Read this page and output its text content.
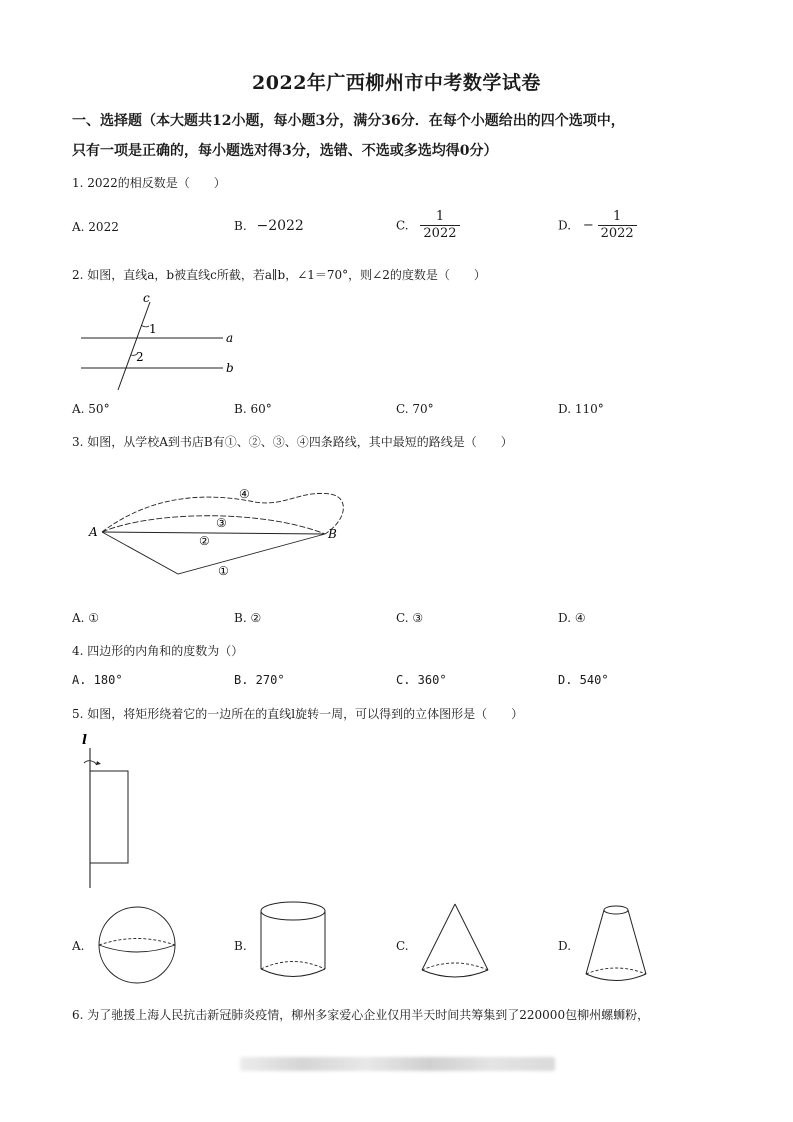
2022年广西柳州市中考数学试卷
一、选择题（本大题共12小题，每小题3分，满分36分．在每个小题给出的四个选项中，
只有一项是正确的，每小题选对得3分，选错、不选或多选均得0分）
1. 2022的相反数是（　　）
A. 2022	B. −2022	C. $\frac{1}{2022}$	D. − $\frac{1}{2022}$
2. 如图，直线a，b被直线c所截，若a∥b，∠1＝70°，则∠2的度数是（　　）
c
1
a
2
b
A. 50°	B. 60°	C. 70°	D. 110°
3. 如图，从学校A到书店B有①、②、③、④四条路线，其中最短的路线是（　　）
A	B
④
③
②
①
A. ①	B. ②	C. ③	D. ④
4. 四边形的内角和的度数为（）
A. 180°	B. 270°	C. 360°	D. 540°
5. 如图，将矩形绕着它的一边所在的直线l旋转一周，可以得到的立体图形是（　　）
l
A.	B.	C.	D.
6. 为了驰援上海人民抗击新冠肺炎疫情，柳州多家爱心企业仅用半天时间共筹集到了220000包柳州螺蛳粉，
